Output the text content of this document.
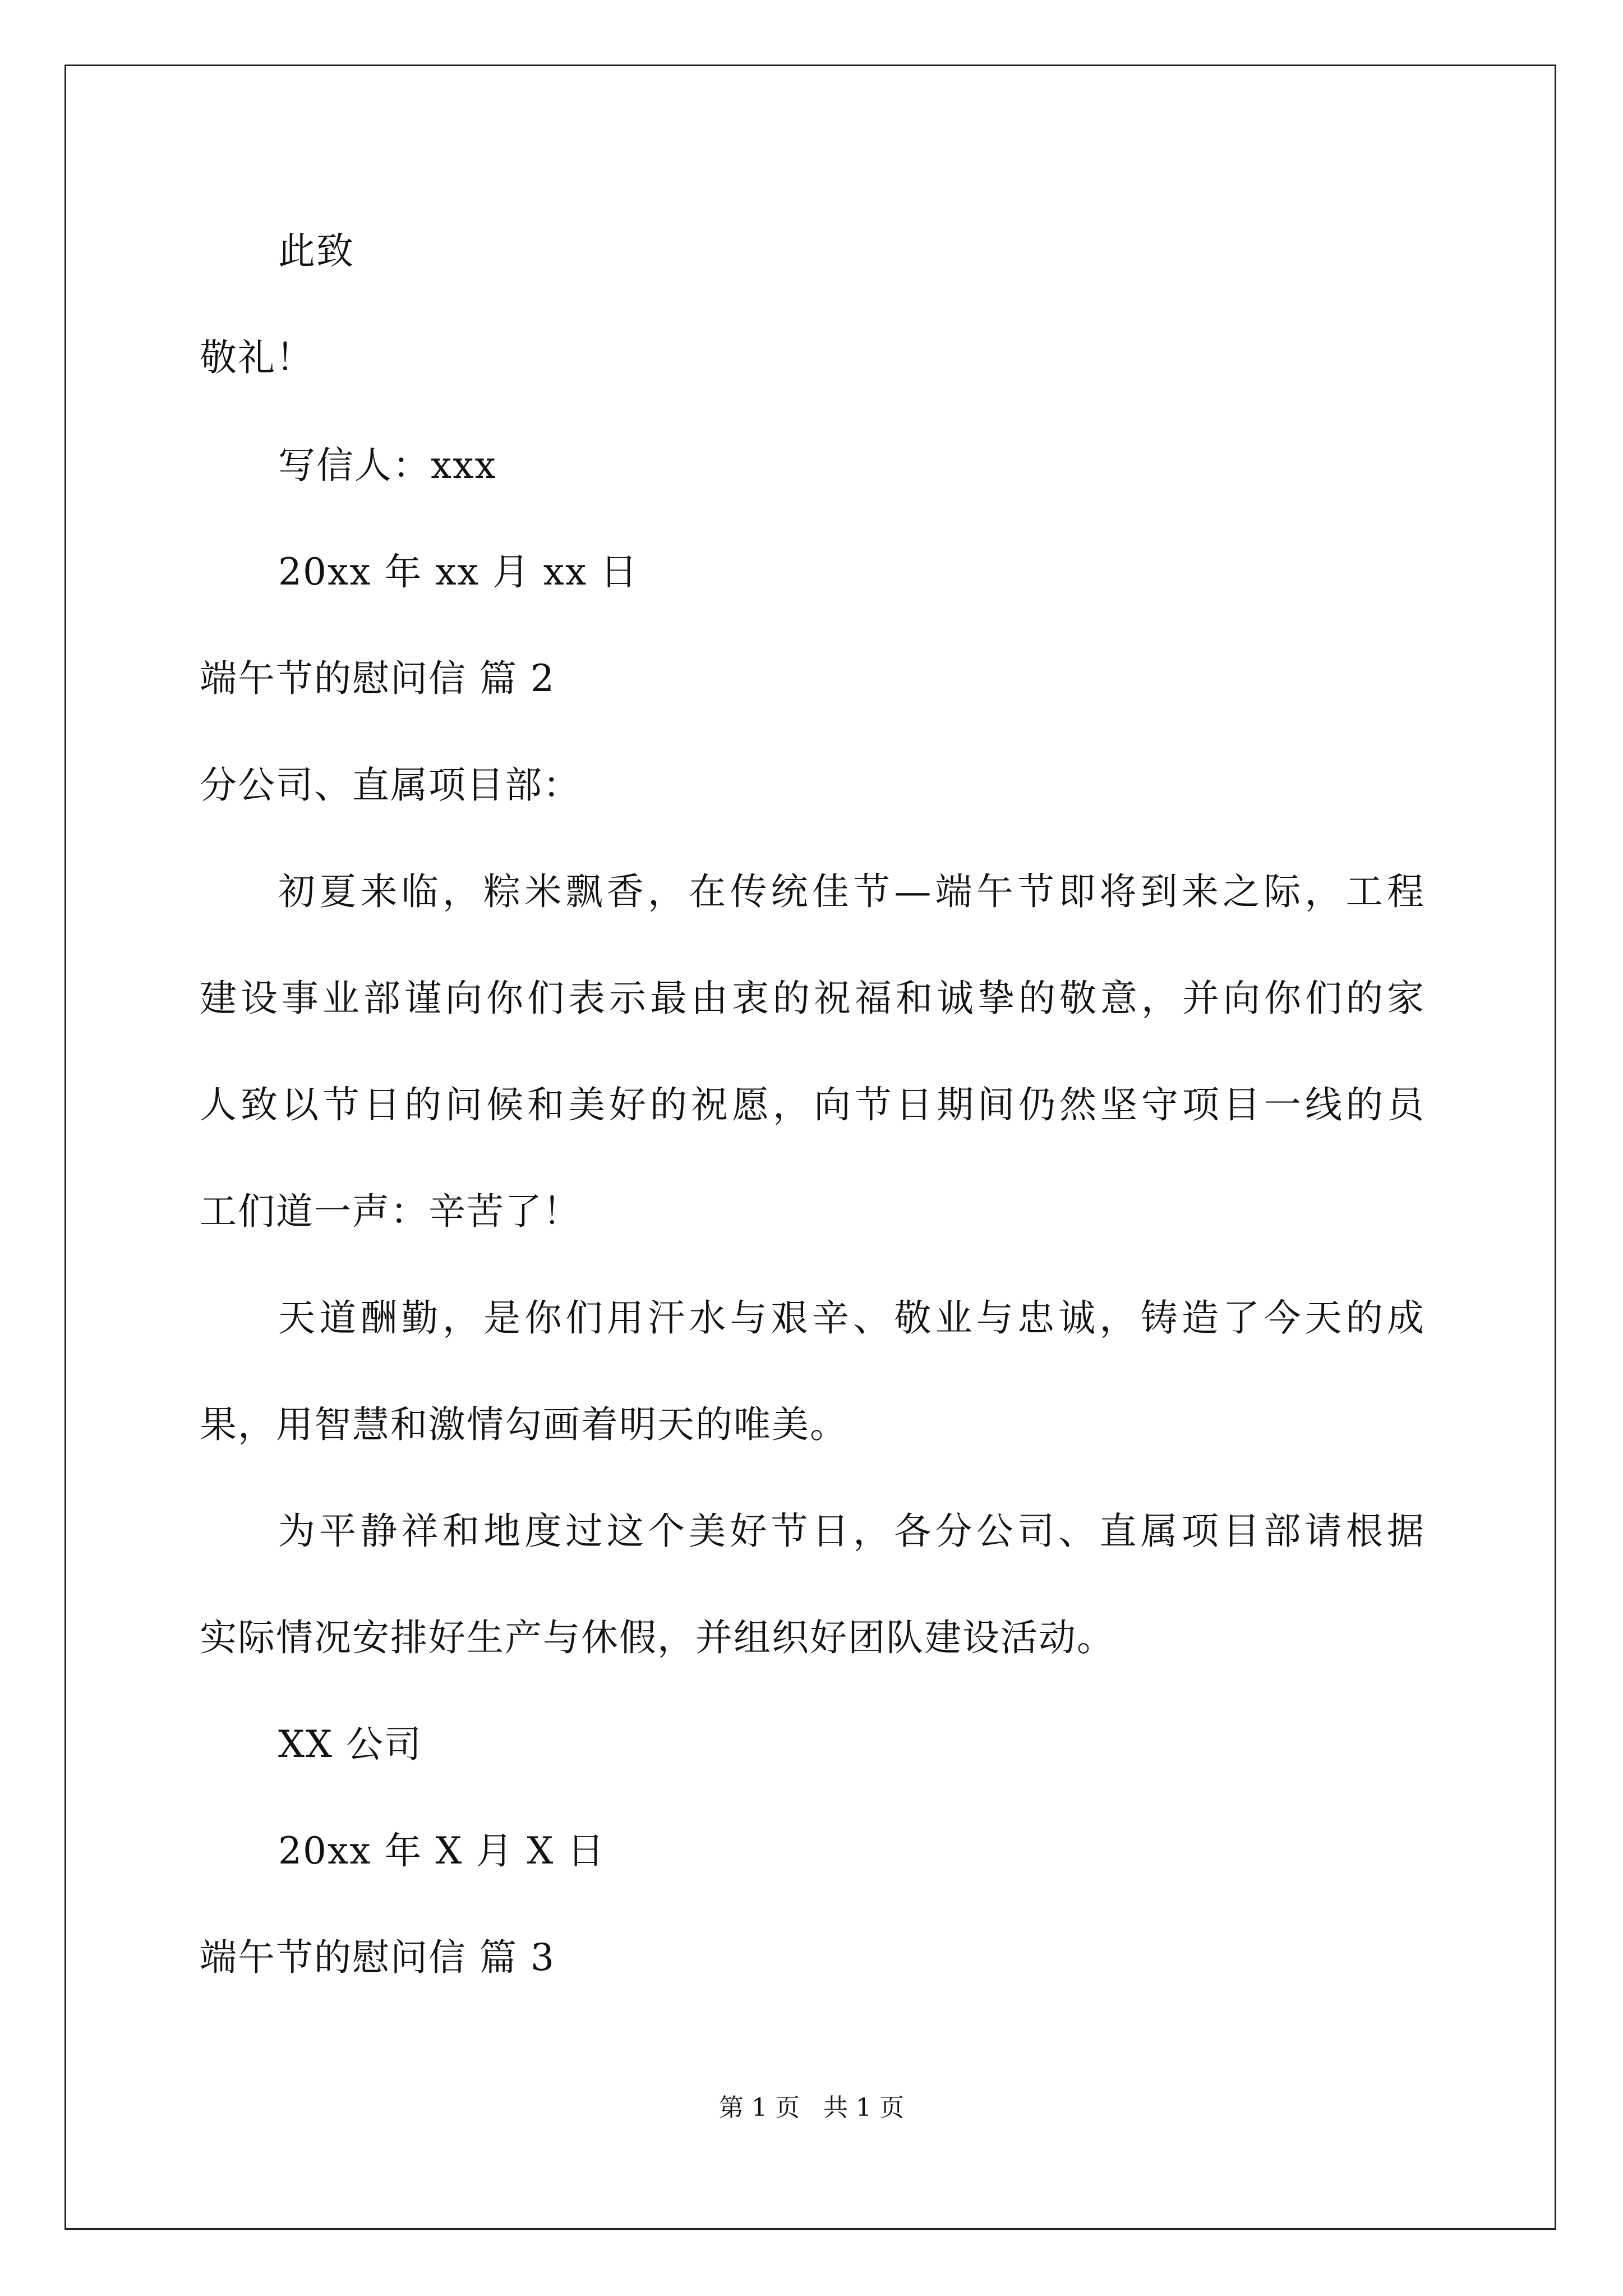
此致
敬礼！
写信人：xxx
20xx 年 xx 月 xx 日
端午节的慰问信 篇 2
分公司、直属项目部：
初夏来临，粽米飘香，在传统佳节—端午节即将到来之际，工程
建设事业部谨向你们表示最由衷的祝福和诚挚的敬意，并向你们的家
人致以节日的问候和美好的祝愿，向节日期间仍然坚守项目一线的员
工们道一声：辛苦了！
天道酬勤，是你们用汗水与艰辛、敬业与忠诚，铸造了今天的成
果，用智慧和激情勾画着明天的唯美。
为平静祥和地度过这个美好节日，各分公司、直属项目部请根据
实际情况安排好生产与休假，并组织好团队建设活动。
XX 公司
20xx 年 X 月 X 日
端午节的慰问信 篇 3
第 1 页   共 1 页
